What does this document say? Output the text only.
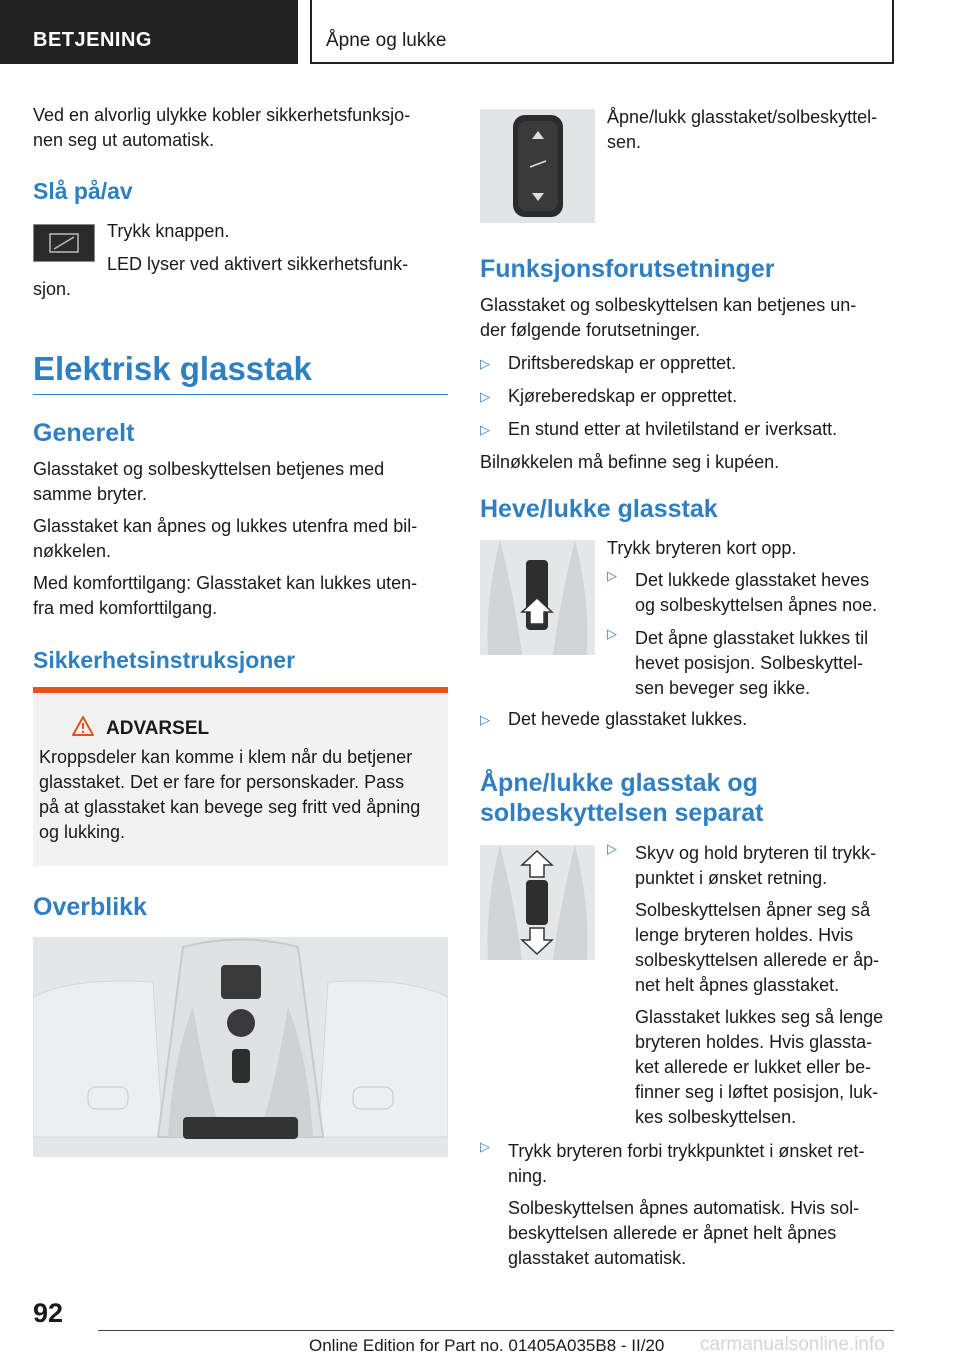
BETJENING	Åpne og lukke

Ved en alvorlig ulykke kobler sikkerhetsfunksjo-

nen seg ut automatisk.

Slå på/av

Trykk knappen.

LED lyser ved aktivert sikkerhetsfunk-

sjon.

Elektrisk glasstak
Generelt

Glasstaket og solbeskyttelsen betjenes med

samme bryter.

Glasstaket kan åpnes og lukkes utenfra med bil-

nøkkelen.

Med komforttilgang: Glasstaket kan lukkes uten-

fra med komforttilgang.

Sikkerhetsinstruksjoner
ADVARSEL

Kroppsdeler kan komme i klem når du betjener

glasstaket. Det er fare for personskader. Pass

på at glasstaket kan bevege seg fritt ved åpning

og lukking.

Overblikk

Åpne/lukk glasstaket/solbeskyttel-

sen.

Funksjonsforutsetninger

Glasstaket og solbeskyttelsen kan betjenes un-

der følgende forutsetninger.

▷ Driftsberedskap er opprettet.

▷ Kjøreberedskap er opprettet.

▷ En stund etter at hviletilstand er iverksatt.

Bilnøkkelen må befinne seg i kupéen.

Heve/lukke glasstak

Trykk bryteren kort opp.

▷ Det lukkede glasstaket heves

og solbeskyttelsen åpnes noe.

▷ Det åpne glasstaket lukkes til

hevet posisjon. Solbeskyttel-

sen beveger seg ikke.

▷ Det hevede glasstaket lukkes.

Åpne/lukke glasstak og
solbeskyttelsen separat
▷ Skyv og hold bryteren til trykk-

punktet i ønsket retning.

Solbeskyttelsen åpner seg så

lenge bryteren holdes. Hvis

solbeskyttelsen allerede er åp-

net helt åpnes glasstaket.

Glasstaket lukkes seg så lenge

bryteren holdes. Hvis glassta-

ket allerede er lukket eller be-

finner seg i løftet posisjon, luk-

kes solbeskyttelsen.

▷ Trykk bryteren forbi trykkpunktet i ønsket ret-

ning.

Solbeskyttelsen åpnes automatisk. Hvis sol-

beskyttelsen allerede er åpnet helt åpnes

glasstaket automatisk.

92
Online Edition for Part no. 01405A035B8 - II/20 carmanualsonline.info
